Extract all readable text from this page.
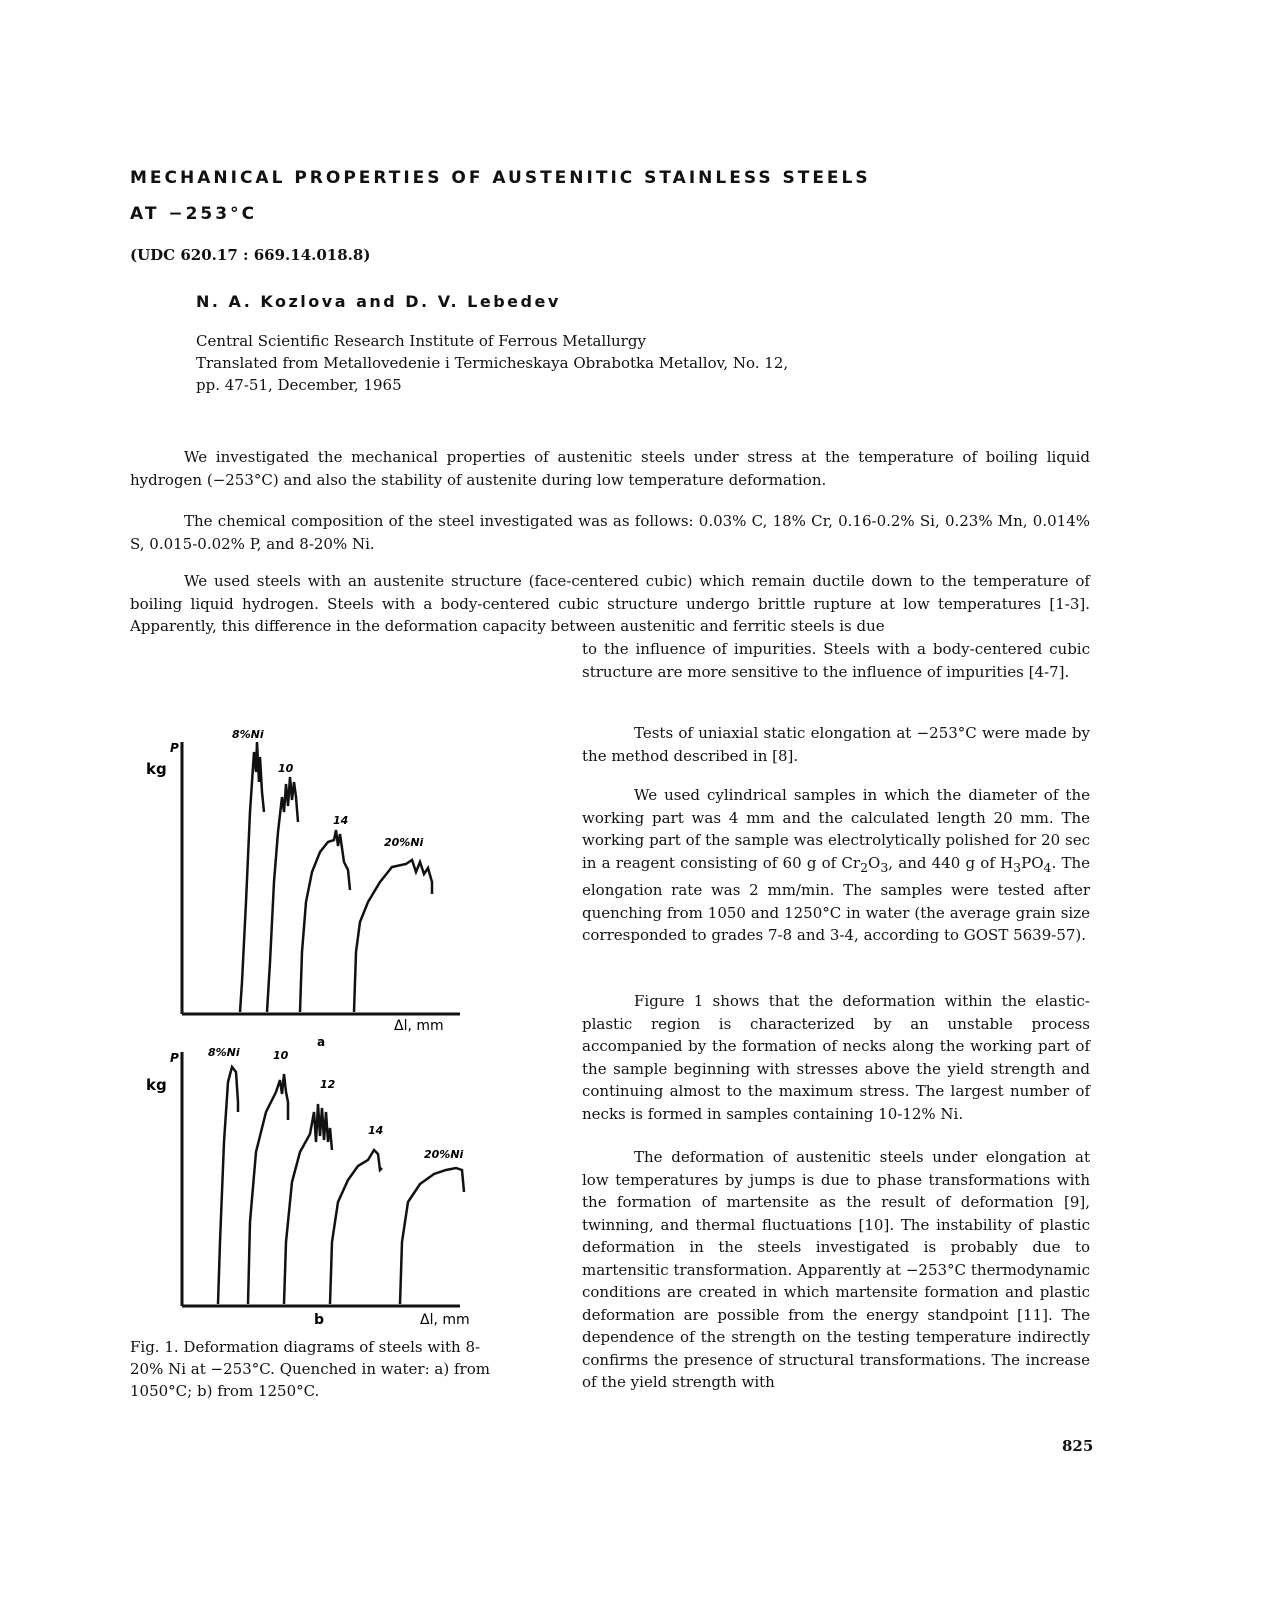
MECHANICAL PROPERTIES OF AUSTENITIC STAINLESS STEELS
AT −253°C
(UDC 620.17 : 669.14.018.8)
N. A. Kozlova and D. V. Lebedev
Central Scientific Research Institute of Ferrous Metallurgy
Translated from Metallovedenie i Termicheskaya Obrabotka Metallov, No. 12,
pp. 47-51, December, 1965
We investigated the mechanical properties of austenitic steels under stress at the temperature of boiling liquid hydrogen (−253°C) and also the stability of austenite during low temperature deformation.
The chemical composition of the steel investigated was as follows: 0.03% C, 18% Cr, 0.16-0.2% Si, 0.23% Mn, 0.014% S, 0.015-0.02% P, and 8-20% Ni.
We used steels with an austenite structure (face-centered cubic) which remain ductile down to the temperature of boiling liquid hydrogen. Steels with a body-centered cubic structure undergo brittle rupture at low temperatures [1-3]. Apparently, this difference in the deformation capacity between austenitic and ferritic steels is due
to the influence of impurities. Steels with a body-centered cubic structure are more sensitive to the influence of impurities [4-7].
Tests of uniaxial static elongation at −253°C were made by the method described in [8].
We used cylindrical samples in which the diameter of the working part was 4 mm and the calculated length 20 mm. The working part of the sample was electrolytically polished for 20 sec in a reagent consisting of 60 g of $Cr_2O_3$, and 440 g of $H_3PO_4$. The elongation rate was 2 mm/min. The samples were tested after quenching from 1050 and 1250°C in water (the average grain size corresponded to grades 7-8 and 3-4, according to GOST 5639-57).
Figure 1 shows that the deformation within the elastic-plastic region is characterized by an unstable process accompanied by the formation of necks along the working part of the sample beginning with stresses above the yield strength and continuing almost to the maximum stress. The largest number of necks is formed in samples containing 10-12% Ni.
The deformation of austenitic steels under elongation at low temperatures by jumps is due to phase transformations with the formation of martensite as the result of deformation [9], twinning, and thermal fluctuations [10]. The instability of plastic deformation in the steels investigated is probably due to martensitic transformation. Apparently at −253°C thermodynamic conditions are created in which martensite formation and plastic deformation are possible from the energy standpoint [11]. The dependence of the strength on the testing temperature indirectly confirms the presence of structural transformations. The increase of the yield strength with
P
kg
8%Ni
10
14
20%Ni
Δl, mm
a
P
kg
8%Ni	10
12
14
20%Ni
b	Δl, mm
Fig. 1. Deformation diagrams of steels with 8-20% Ni at −253°C. Quenched in water: a) from 1050°C; b) from 1250°C.
825
